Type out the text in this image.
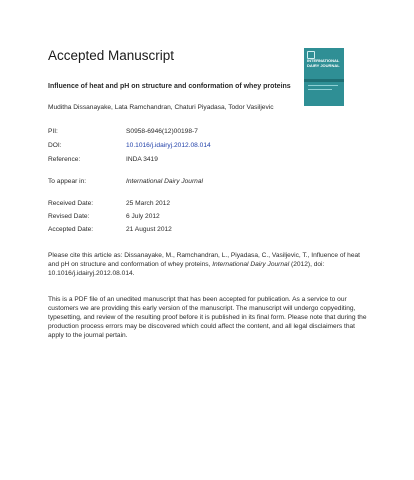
Accepted Manuscript	INTERNATIONAL DAIRY JOURNAL
Influence of heat and pH on structure and conformation of whey proteins
Muditha Dissanayake, Lata Ramchandran, Chaturi Piyadasa, Todor Vasiljevic
PII:	S0958-6946(12)00198-7
DOI:	10.1016/j.idairyj.2012.08.014
Reference:	INDA 3419
To appear in:	International Dairy Journal
Received Date:	25 March 2012
Revised Date:	6 July 2012
Accepted Date:	21 August 2012

Please cite this article as: Dissanayake, M., Ramchandran, L., Piyadasa, C., Vasiljevic, T., Influence of heat and pH on structure and conformation of whey proteins, International Dairy Journal (2012), doi: 10.1016/j.idairyj.2012.08.014.

This is a PDF file of an unedited manuscript that has been accepted for publication. As a service to our customers we are providing this early version of the manuscript. The manuscript will undergo copyediting, typesetting, and review of the resulting proof before it is published in its final form. Please note that during the production process errors may be discovered which could affect the content, and all legal disclaimers that apply to the journal pertain.
